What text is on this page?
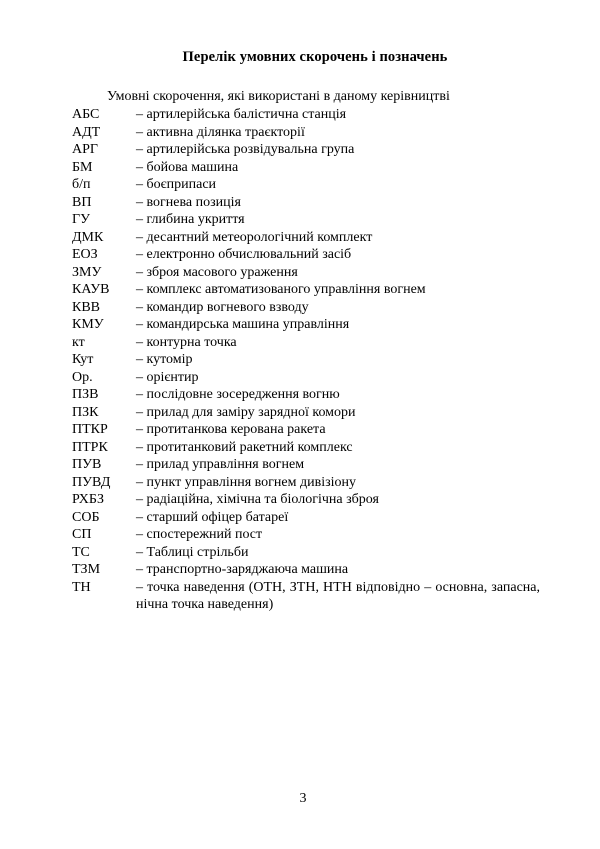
Перелік умовних скорочень і позначень
Умовні скорочення, які використані в даному керівництві
АБС	– артилерійська балістична станція
АДТ	– активна ділянка траєкторії
АРГ	– артилерійська розвідувальна група
БМ	– бойова машина
б/п	– боєприпаси
ВП	– вогнева позиція
ГУ	– глибина укриття
ДМК	– десантний метеорологічний комплект
ЕОЗ	– електронно обчислювальний засіб
ЗМУ	– зброя масового ураження
КАУВ	– комплекс автоматизованого управління вогнем
КВВ	– командир вогневого взводу
КМУ	– командирська машина управління
кт	– контурна точка
Кут	– кутомір
Ор.	– орієнтир
ПЗВ	– послідовне зосередження вогню
ПЗК	– прилад для заміру зарядної комори
ПТКР	– протитанкова керована ракета
ПТРК	– протитанковий ракетний комплекс
ПУВ	– прилад управління вогнем
ПУВД	– пункт управління вогнем дивізіону
РХБЗ	– радіаційна, хімічна та біологічна зброя
СОБ	– старший офіцер батареї
СП	– спостережний пост
ТС	– Таблиці стрільби
ТЗМ	– транспортно-заряджаюча машина
ТН	– точка наведення (ОТН, ЗТН, НТН відповідно – основна, запасна, нічна точка наведення)
3
